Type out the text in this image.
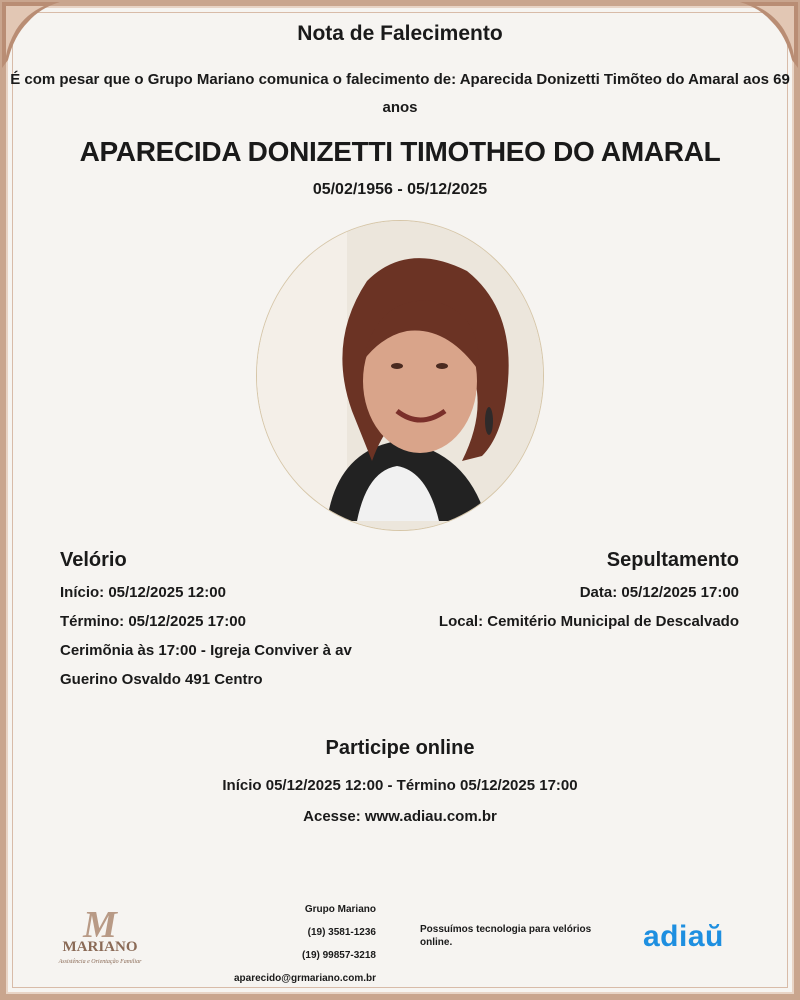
Nota de Falecimento
É com pesar que o Grupo Mariano comunica o falecimento de: Aparecida Donizetti Timõteo do Amaral aos 69 anos
APARECIDA DONIZETTI TIMOTHEO DO AMARAL
05/02/1956 - 05/12/2025
Velório

Início: 05/12/2025 12:00

Término: 05/12/2025 17:00

Cerimõnia às 17:00 - Igreja Conviver à av

Guerino Osvaldo 491 Centro

Sepultamento

Data: 05/12/2025 17:00

Local: Cemitério Municipal de Descalvado

Participe online
Início 05/12/2025 12:00 - Término 05/12/2025 17:00
Acesse: www.adiau.com.br
M
MARIANO
Assistência e Orientação Familiar

Grupo Mariano

(19) 3581-1236

(19) 99857-3218

aparecido@grmariano.com.br

Possuímos tecnologia para velórios online.	adiaŭ
